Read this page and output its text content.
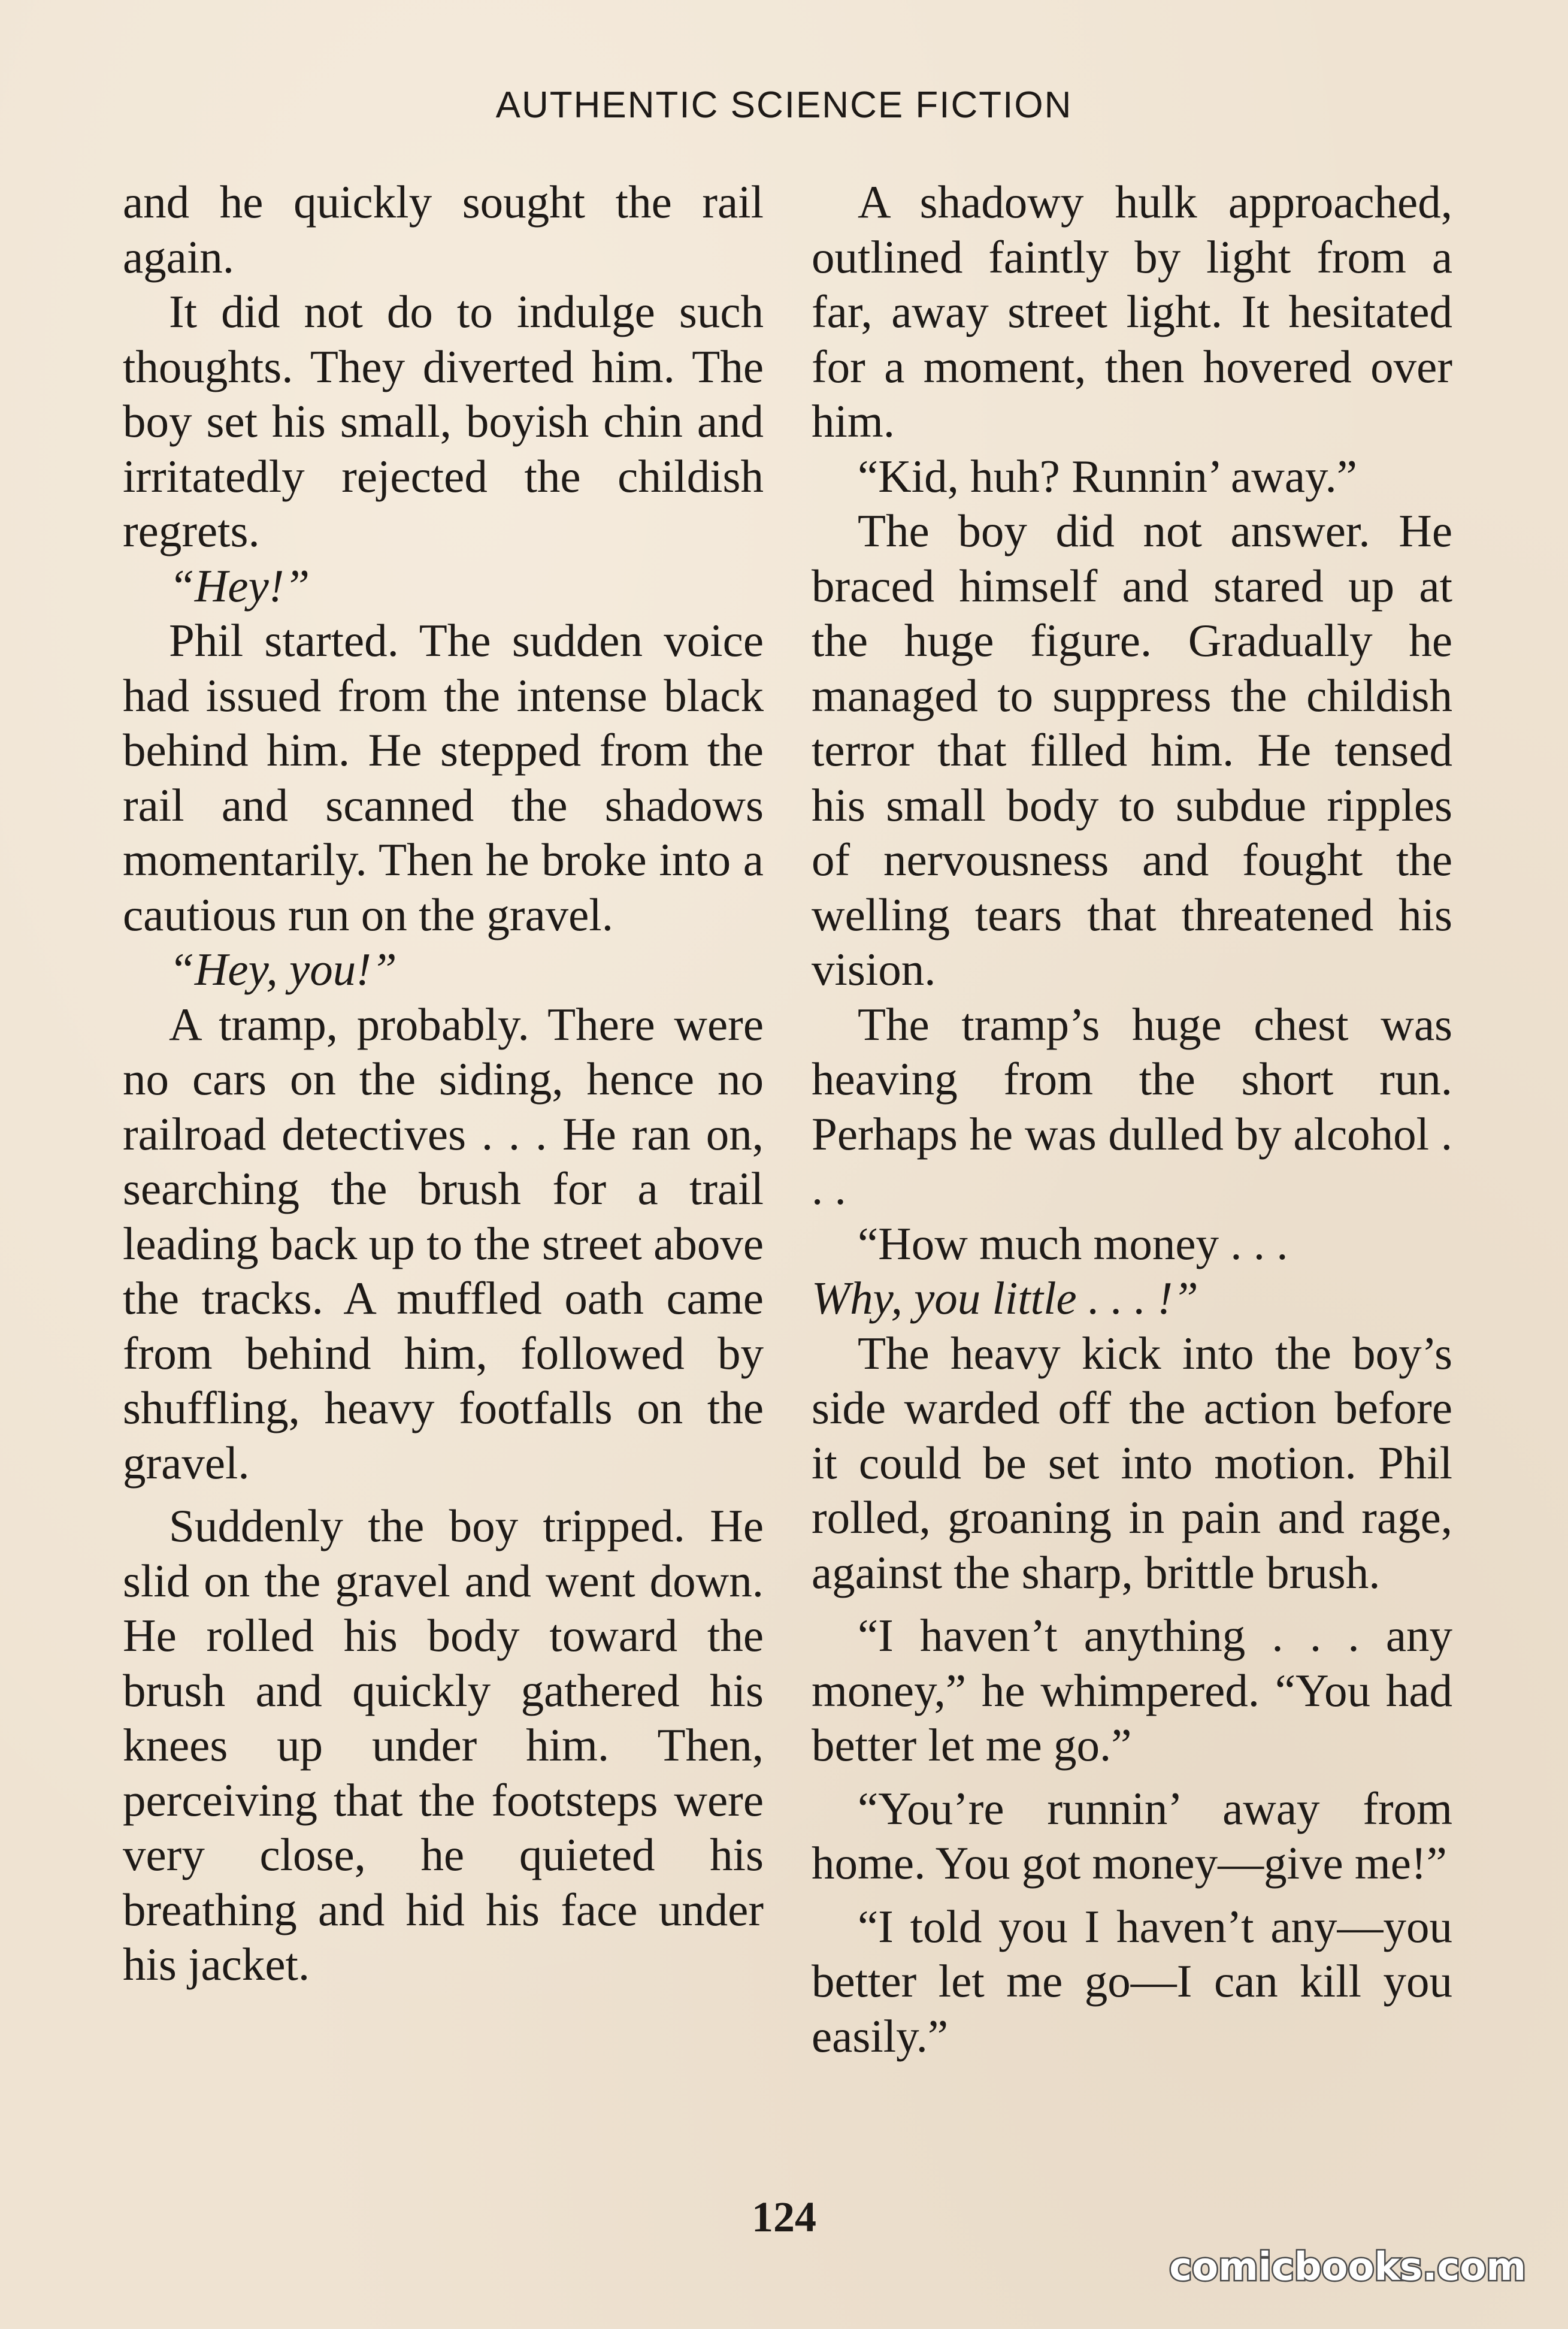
AUTHENTIC SCIENCE FICTION

and he quickly sought the rail again.

It did not do to indulge such thoughts. They diverted him. The boy set his small, boyish chin and irritatedly rejected the childish regrets.

“Hey!”

Phil started. The sudden voice had issued from the intense black behind him. He stepped from the rail and scanned the shadows momentarily. Then he broke into a cautious run on the gravel.

“Hey, you!”

A tramp, probably. There were no cars on the siding, hence no railroad detectives . . . He ran on, searching the brush for a trail leading back up to the street above the tracks. A muffled oath came from behind him, followed by shuffling, heavy footfalls on the gravel.

Suddenly the boy tripped. He slid on the gravel and went down. He rolled his body toward the brush and quickly gathered his knees up under him. Then, perceiving that the footsteps were very close, he quieted his breathing and hid his face under his jacket.

A shadowy hulk approached, outlined faintly by light from a far, away street light. It hesitated for a moment, then hovered over him.

“Kid, huh? Runnin’ away.”

The boy did not answer. He braced himself and stared up at the huge figure. Gradually he managed to suppress the childish terror that filled him. He tensed his small body to subdue ripples of nervousness and fought the welling tears that threatened his vision.

The tramp’s huge chest was heaving from the short run. Perhaps he was dulled by alcohol . . .

“How much money . . .

Why, you little . . . !”

The heavy kick into the boy’s side warded off the action before it could be set into motion. Phil rolled, groaning in pain and rage, against the sharp, brittle brush.

“I haven’t anything . . . any money,” he whimpered. “You had better let me go.”

“You’re runnin’ away from home. You got money—give me!”

“I told you I haven’t any—you better let me go—I can kill you easily.”

124
comicbooks.com
